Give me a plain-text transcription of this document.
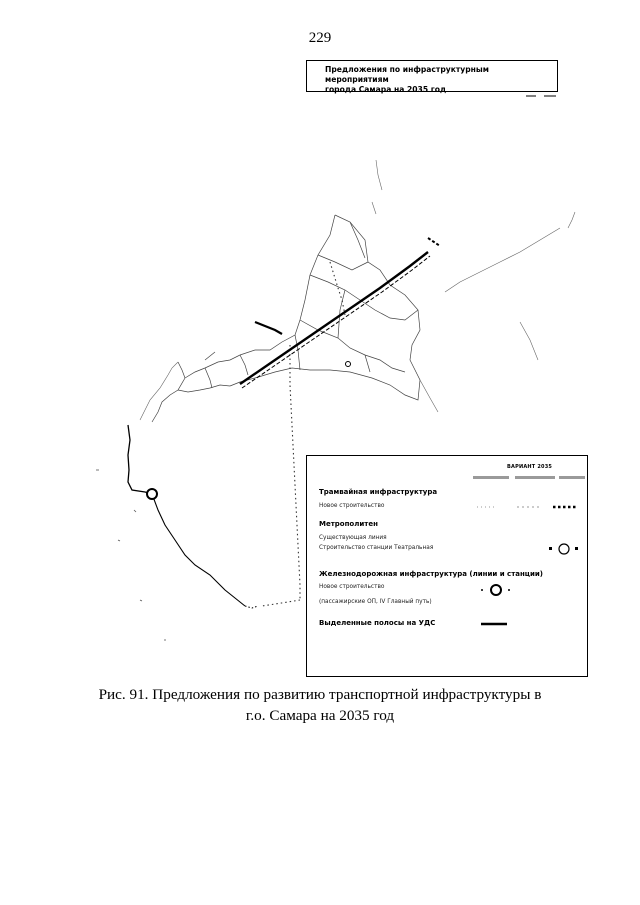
229
Предложения по инфраструктурным мероприятиям
города Самара на 2035 год
ВАРИАНТ 2035
Трамвайная инфраструктура
Новое строительство
Метрополитен
Существующая линия
Строительство станции Театральная
Железнодорожная инфраструктура (линии и станции)
Новое строительство
(пассажирские ОП, IV Главный путь)
Выделенные полосы на УДС
Рис. 91. Предложения по развитию транспортной инфраструктуры в
г.о. Самара на 2035 год
